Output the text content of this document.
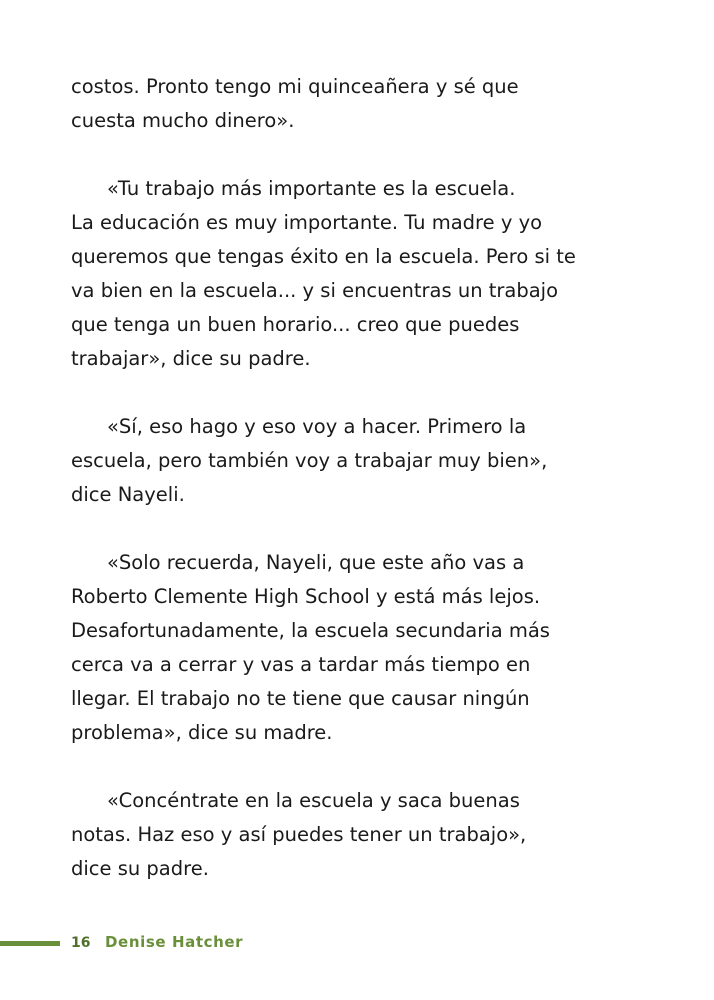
costos. Pronto tengo mi quinceañera y sé que
cuesta mucho dinero».

«Tu trabajo más importante es la escuela.
La educación es muy importante. Tu madre y yo
queremos que tengas éxito en la escuela. Pero si te
va bien en la escuela... y si encuentras un trabajo
que tenga un buen horario... creo que puedes
trabajar», dice su padre.

«Sí, eso hago y eso voy a hacer. Primero la
escuela, pero también voy a trabajar muy bien»,
dice Nayeli.

«Solo recuerda, Nayeli, que este año vas a
Roberto Clemente High School y está más lejos.
Desafortunadamente, la escuela secundaria más
cerca va a cerrar y vas a tardar más tiempo en
llegar. El trabajo no te tiene que causar ningún
problema», dice su madre.

«Concéntrate en la escuela y saca buenas
notas. Haz eso y así puedes tener un trabajo»,
dice su padre.

16 Denise Hatcher
